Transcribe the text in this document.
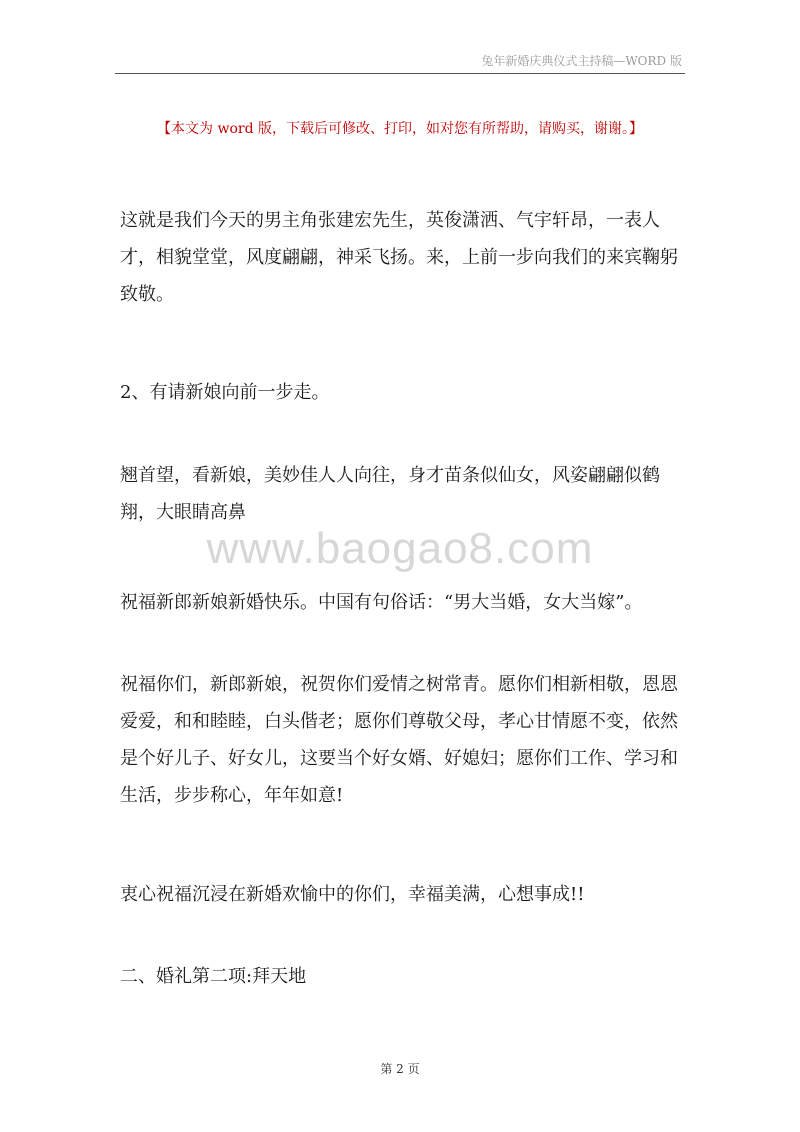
兔年新婚庆典仪式主持稿—WORD 版
【本文为 word 版，下载后可修改、打印，如对您有所帮助，请购买，谢谢。】

这就是我们今天的男主角张建宏先生，英俊潇洒、气宇轩昂，一表人才，相貌堂堂，风度翩翩，神采飞扬。来，上前一步向我们的来宾鞠躬致敬。

2、有请新娘向前一步走。

翘首望，看新娘，美妙佳人人向往，身才苗条似仙女，风姿翩翩似鹤翔，大眼睛高鼻

www.baogao8.com

祝福新郎新娘新婚快乐。中国有句俗话：“男大当婚，女大当嫁”。

祝福你们，新郎新娘，祝贺你们爱情之树常青。愿你们相新相敬，恩恩爱爱，和和睦睦，白头偕老；愿你们尊敬父母，孝心甘情愿不变，依然是个好儿子、好女儿，这要当个好女婿、好媳妇；愿你们工作、学习和生活，步步称心，年年如意!

衷心祝福沉浸在新婚欢愉中的你们，幸福美满，心想事成!!

二、婚礼第二项:拜天地

第 2 页
